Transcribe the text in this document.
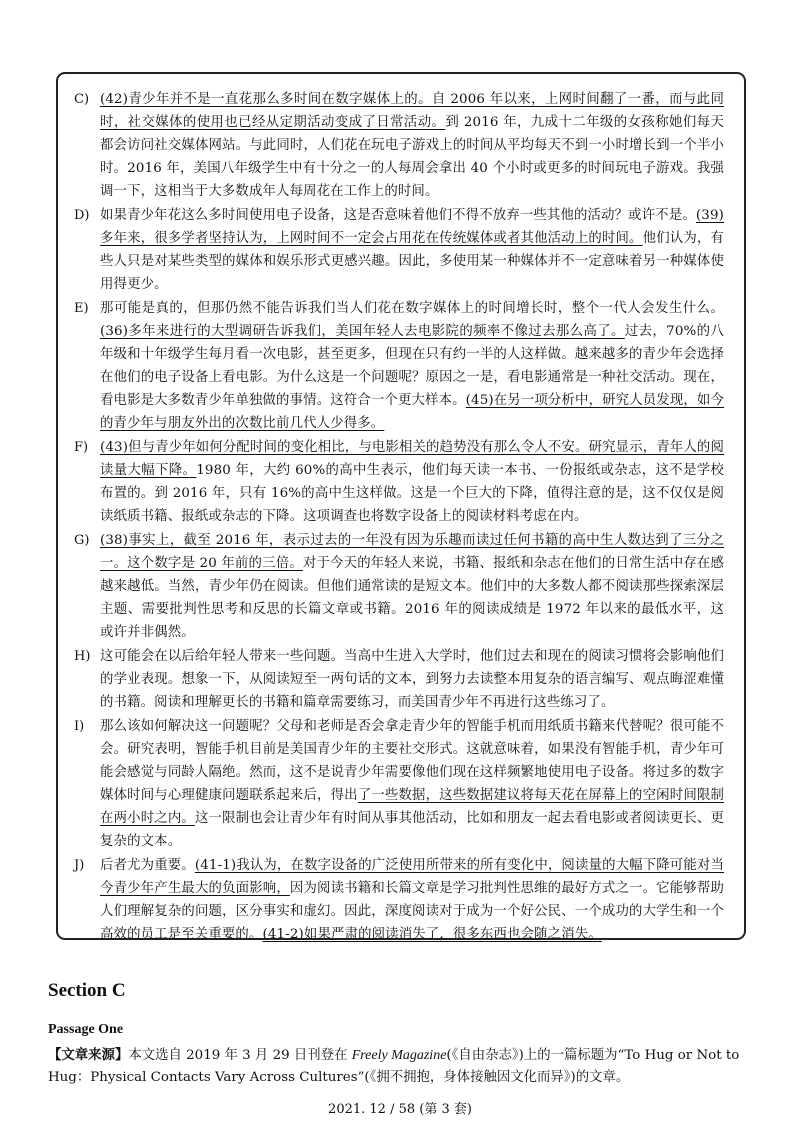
C) (42)青少年并不是一直花那么多时间在数字媒体上的。自 2006 年以来，上网时间翻了一番，而与此同时，社交媒体的使用也已经从定期活动变成了日常活动。到 2016 年，九成十二年级的女孩称她们每天都会访问社交媒体网站。与此同时，人们花在玩电子游戏上的时间从平均每天不到一小时增长到一个半小时。2016 年，美国八年级学生中有十分之一的人每周会拿出 40 个小时或更多的时间玩电子游戏。我强调一下，这相当于大多数成年人每周花在工作上的时间。
D) 如果青少年花这么多时间使用电子设备，这是否意味着他们不得不放弃一些其他的活动？或许不是。(39)多年来，很多学者坚持认为，上网时间不一定会占用花在传统媒体或者其他活动上的时间。他们认为，有些人只是对某些类型的媒体和娱乐形式更感兴趣。因此，多使用某一种媒体并不一定意味着另一种媒体使用得更少。
E) 那可能是真的，但那仍然不能告诉我们当人们花在数字媒体上的时间增长时，整个一代人会发生什么。(36)多年来进行的大型调研告诉我们，美国年轻人去电影院的频率不像过去那么高了。过去，70%的八年级和十年级学生每月看一次电影，甚至更多，但现在只有约一半的人这样做。越来越多的青少年会选择在他们的电子设备上看电影。为什么这是一个问题呢？原因之一是，看电影通常是一种社交活动。现在，看电影是大多数青少年单独做的事情。这符合一个更大样本。(45)在另一项分析中，研究人员发现，如今的青少年与朋友外出的次数比前几代人少得多。
F) (43)但与青少年如何分配时间的变化相比，与电影相关的趋势没有那么令人不安。研究显示，青年人的阅读量大幅下降。1980 年，大约 60%的高中生表示，他们每天读一本书、一份报纸或杂志，这不是学校布置的。到 2016 年，只有 16%的高中生这样做。这是一个巨大的下降，值得注意的是，这不仅仅是阅读纸质书籍、报纸或杂志的下降。这项调查也将数字设备上的阅读材料考虑在内。
G) (38)事实上，截至 2016 年，表示过去的一年没有因为乐趣而读过任何书籍的高中生人数达到了三分之一。这个数字是 20 年前的三倍。对于今天的年轻人来说，书籍、报纸和杂志在他们的日常生活中存在感越来越低。当然，青少年仍在阅读。但他们通常读的是短文本。他们中的大多数人都不阅读那些探索深层主题、需要批判性思考和反思的长篇文章或书籍。2016 年的阅读成绩是 1972 年以来的最低水平，这或许并非偶然。
H) 这可能会在以后给年轻人带来一些问题。当高中生进入大学时，他们过去和现在的阅读习惯将会影响他们的学业表现。想象一下，从阅读短至一两句话的文本，到努力去读整本用复杂的语言编写、观点晦涩难懂的书籍。阅读和理解更长的书籍和篇章需要练习，而美国青少年不再进行这些练习了。
I)	那么该如何解决这一问题呢？父母和老师是否会拿走青少年的智能手机而用纸质书籍来代替呢？很可能不会。研究表明，智能手机目前是美国青少年的主要社交形式。这就意味着，如果没有智能手机，青少年可能会感觉与同龄人隔绝。然而，这不是说青少年需要像他们现在这样频繁地使用电子设备。将过多的数字媒体时间与心理健康问题联系起来后，得出了一些数据，这些数据建议将每天花在屏幕上的空闲时间限制在两小时之内。这一限制也会让青少年有时间从事其他活动，比如和朋友一起去看电影或者阅读更长、更复杂的文本。
J)	后者尤为重要。(41-1)我认为，在数字设备的广泛使用所带来的所有变化中，阅读量的大幅下降可能对当今青少年产生最大的负面影响，因为阅读书籍和长篇文章是学习批判性思维的最好方式之一。它能够帮助人们理解复杂的问题，区分事实和虚幻。因此，深度阅读对于成为一个好公民、一个成功的大学生和一个高效的员工是至关重要的。(41-2)如果严肃的阅读消失了，很多东西也会随之消失。
Section C
Passage One
【文章来源】本文选自 2019 年 3 月 29 日刊登在 Freely Magazine(《自由杂志》)上的一篇标题为“To Hug or Not to Hug：Physical Contacts Vary Across Cultures”(《拥不拥抱，身体接触因文化而异》)的文章。
2021. 12 / 58 (第 3 套)
